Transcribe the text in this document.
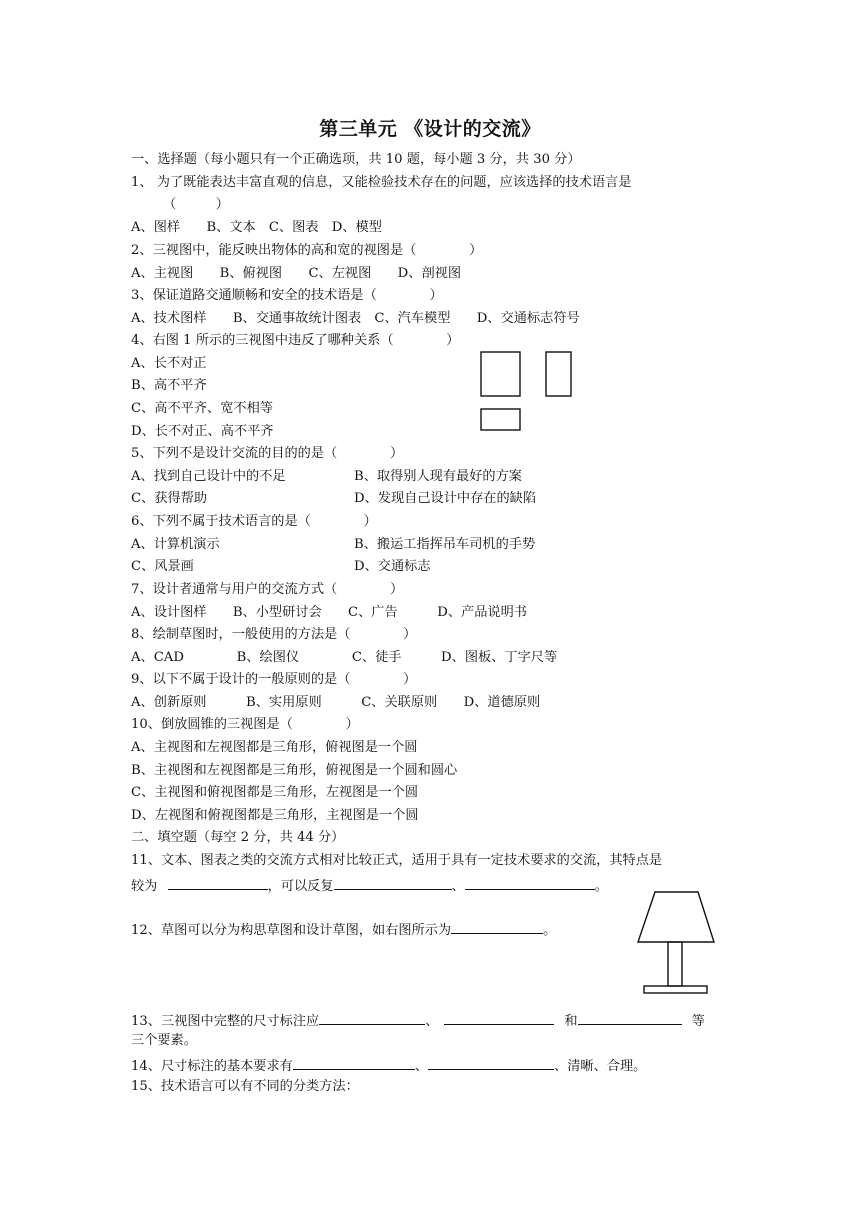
第三单元 《设计的交流》
一、选择题（每小题只有一个正确选项，共 10 题，每小题 3 分，共 30 分）
1、 为了既能表达丰富直观的信息，又能检验技术存在的问题，应该选择的技术语言是
（　　　）
A、图样　　B、文本　C、图表　D、模型
2、三视图中，能反映出物体的高和宽的视图是（　　　　）
A、主视图　　B、俯视图　　C、左视图　　D、剖视图
3、保证道路交通顺畅和安全的技术语是（　　　　）
A、技术图样　　B、交通事故统计图表　C、汽车模型　　D、交通标志符号
4、右图 1 所示的三视图中违反了哪种关系（　　　　）
A、长不对正
B、高不平齐
C、高不平齐、宽不相等
D、长不对正、高不平齐
5、下列不是设计交流的目的的是（　　　　）
A、找到自己设计中的不足	B、取得别人现有最好的方案
C、获得帮助	D、发现自己设计中存在的缺陷
6、下列不属于技术语言的是（　　　　）
A、计算机演示	B、搬运工指挥吊车司机的手势
C、风景画	D、交通标志
7、设计者通常与用户的交流方式（　　　　）
A、设计图样　　B、小型研讨会　　C、广告　　　D、产品说明书
8、绘制草图时，一般使用的方法是（　　　　）
A、CAD　　　　B、绘图仪　　　　C、徒手　　　D、图板、丁字尺等
9、以下不属于设计的一般原则的是（　　　　）
A、创新原则　　　B、实用原则　　　C、关联原则　　D、道德原则
10、倒放圆锥的三视图是（　　　　）
A、主视图和左视图都是三角形，俯视图是一个圆
B、主视图和左视图都是三角形，俯视图是一个圆和圆心
C、主视图和俯视图都是三角形，左视图是一个圆
D、左视图和俯视图都是三角形，主视图是一个圆
二、填空题（每空 2 分，共 44 分）
11、文本、图表之类的交流方式相对比较正式，适用于具有一定技术要求的交流，其特点是
较为	，可以反复	、	。
12、草图可以分为构思草图和设计草图，如右图所示为	。
13、三视图中完整的尺寸标注应	、	和	等
三个要素。
14、尺寸标注的基本要求有	、	、清晰、合理。
15、技术语言可以有不同的分类方法：
